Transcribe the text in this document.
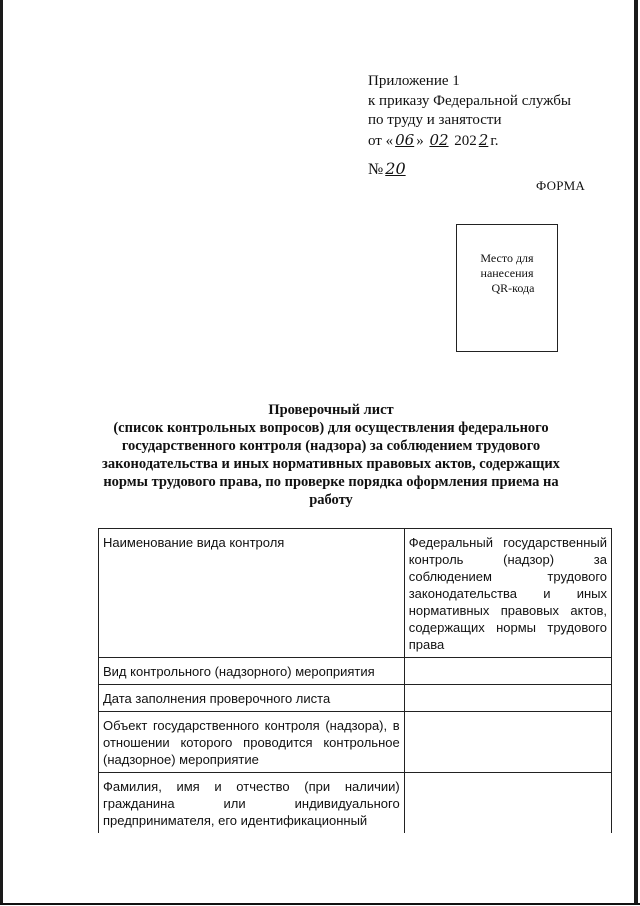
Приложение 1
к приказу Федеральной службы
по труду и занятости
от « 06 » 02 202 2 г.
№ 20
ФОРМА
Место для
нанесения
QR-кода
Проверочный лист
(список контрольных вопросов) для осуществления федерального
государственного контроля (надзора) за соблюдением трудового
законодательства и иных нормативных правовых актов, содержащих
нормы трудового права, по проверке порядка оформления приема на
работу
Наименование вида контроля	Федеральный государственный контроль (надзор) за соблюдением трудового законодательства и иных нормативных правовых актов, содержащих нормы трудового права
Вид контрольного (надзорного) мероприятия	
Дата заполнения проверочного листа	
Объект государственного контроля (надзора), в отношении которого проводится контрольное (надзорное) мероприятие	
Фамилия, имя и отчество (при наличии) гражданина или индивидуального предпринимателя, его идентификационный	
